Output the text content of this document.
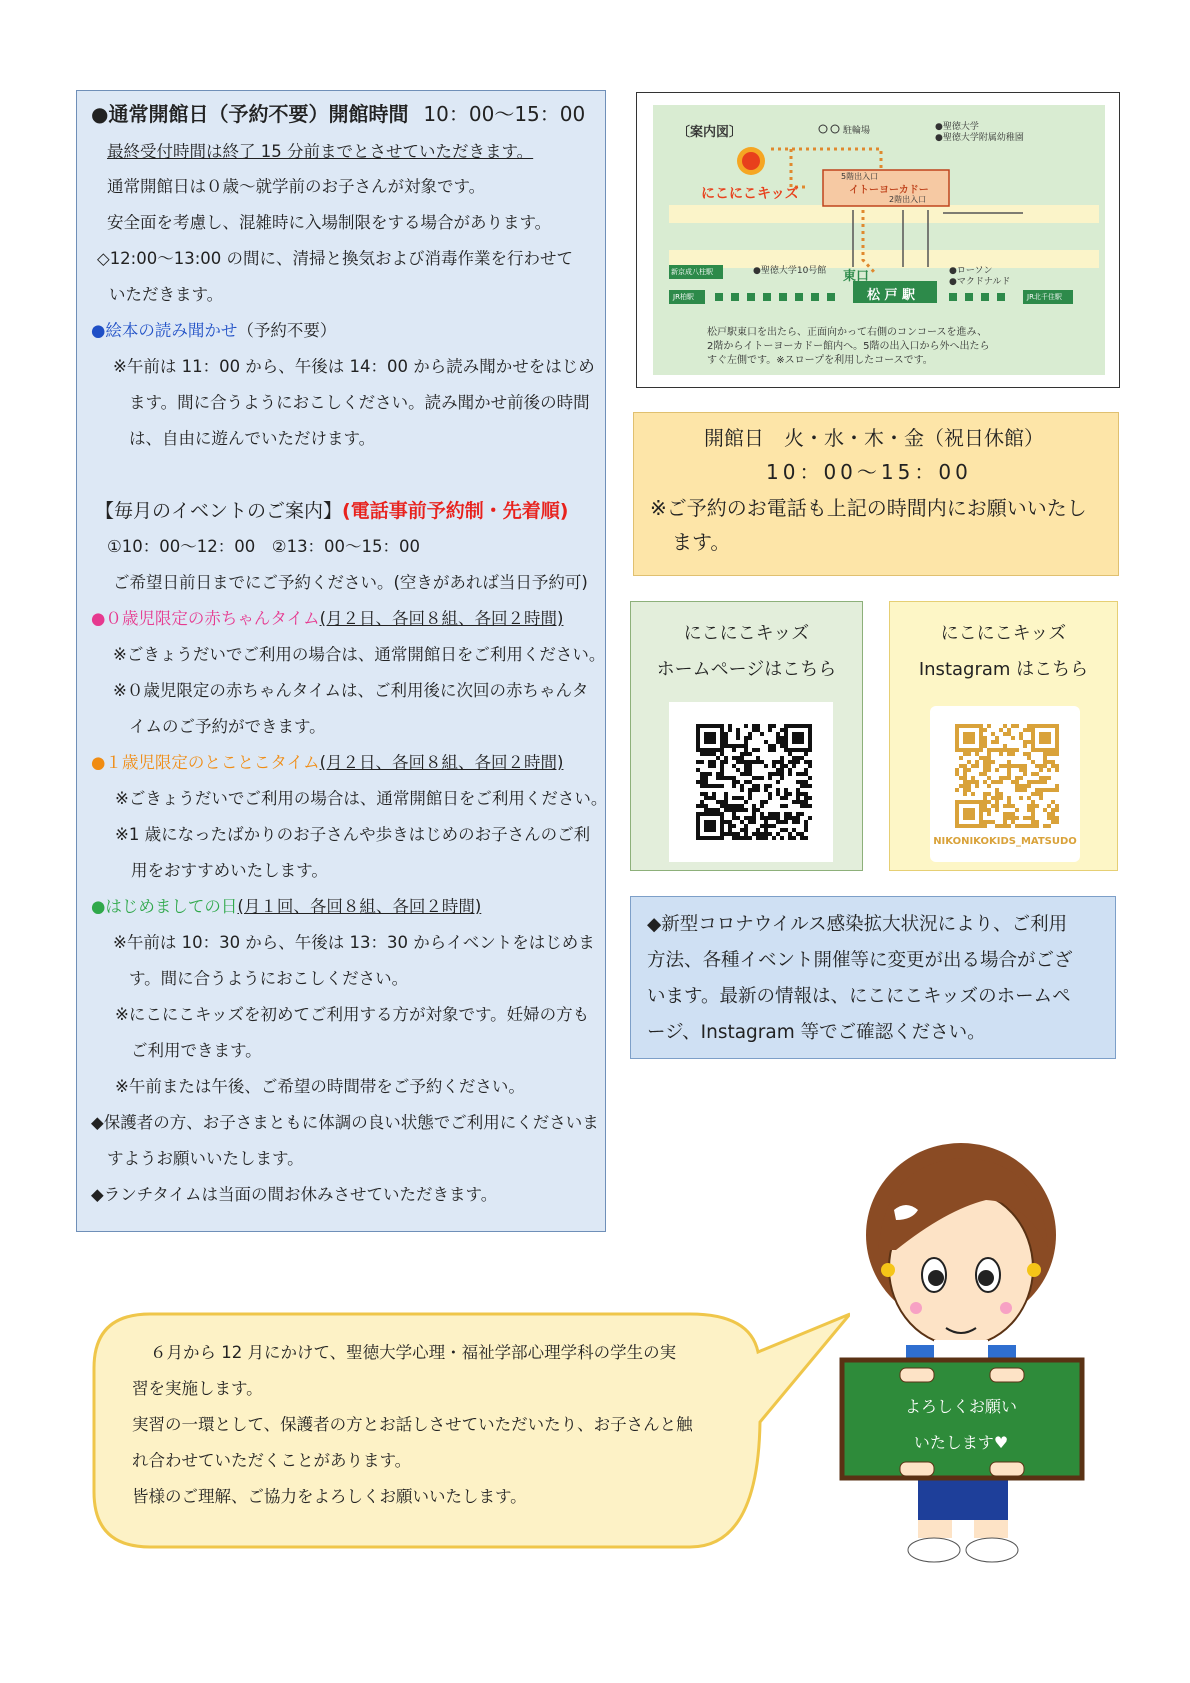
●通常開館日（予約不要）開館時間 10：00～15：00
最終受付時間は終了 15 分前までとさせていただきます。
通常開館日は０歳～就学前のお子さんが対象です。
安全面を考慮し、混雑時に入場制限をする場合があります。
◇12:00～13:00 の間に、清掃と換気および消毒作業を行わせて
いただきます。
●絵本の読み聞かせ（予約不要）
※午前は 11：00 から、午後は 14：00 から読み聞かせをはじめ
ます。間に合うようにおこしください。読み聞かせ前後の時間
は、自由に遊んでいただけます。
【毎月のイベントのご案内】(電話事前予約制・先着順)
①10：00～12：00　②13：00～15：00
ご希望日前日までにご予約ください。(空きがあれば当日予約可)
●０歳児限定の赤ちゃんタイム(月２日、各回８組、各回２時間)
※ごきょうだいでご利用の場合は、通常開館日をご利用ください。
※０歳児限定の赤ちゃんタイムは、ご利用後に次回の赤ちゃんタ
イムのご予約ができます。
●１歳児限定のとことこタイム(月２日、各回８組、各回２時間)
※ごきょうだいでご利用の場合は、通常開館日をご利用ください。
※1 歳になったばかりのお子さんや歩きはじめのお子さんのご利
用をおすすめいたします。
●はじめましての日(月１回、各回８組、各回２時間)
※午前は 10：30 から、午後は 13：30 からイベントをはじめま
す。間に合うようにおこしください。
※にこにこキッズを初めてご利用する方が対象です。妊婦の方も
ご利用できます。
※午前または午後、ご希望の時間帯をご予約ください。
◆保護者の方、お子さまともに体調の良い状態でご利用にくださいま
すようお願いいたします。
◆ランチタイムは当面の間お休みさせていただきます。
〔案内図〕	駐輪場	●聖徳大学
●聖徳大学附属幼稚園
5階出入口
イトーヨーカドー
2階出入口
にこにこキッズ
●聖徳大学10号館 東口
松 戸 駅
●ローソン
●マクドナルド
新京成八柱駅
JR柏駅	JR北千住駅
松戸駅東口を出たら、正面向かって右側のコンコースを進み、
2階からイトーヨーカドー館内へ。5階の出入口から外へ出たら
すぐ左側です。※スロープを利用したコースです。
開館日　火・水・木・金（祝日休館）
10：00～15：00
※ご予約のお電話も上記の時間内にお願いいたし
ます。
にこにこキッズ
ホームページはこちら
にこにこキッズ
Instagram はこちら
NIKONIKOKIDS_MATSUDO
◆新型コロナウイルス感染拡大状況により、ご利用
方法、各種イベント開催等に変更が出る場合がござ
います。最新の情報は、にこにこキッズのホームペ
ージ、Instagram 等でご確認ください。
６月から 12 月にかけて、聖徳大学心理・福祉学部心理学科の学生の実
習を実施します。
実習の一環として、保護者の方とお話しさせていただいたり、お子さんと触
れ合わせていただくことがあります。
皆様のご理解、ご協力をよろしくお願いいたします。
よろしくお願い
いたします♥
